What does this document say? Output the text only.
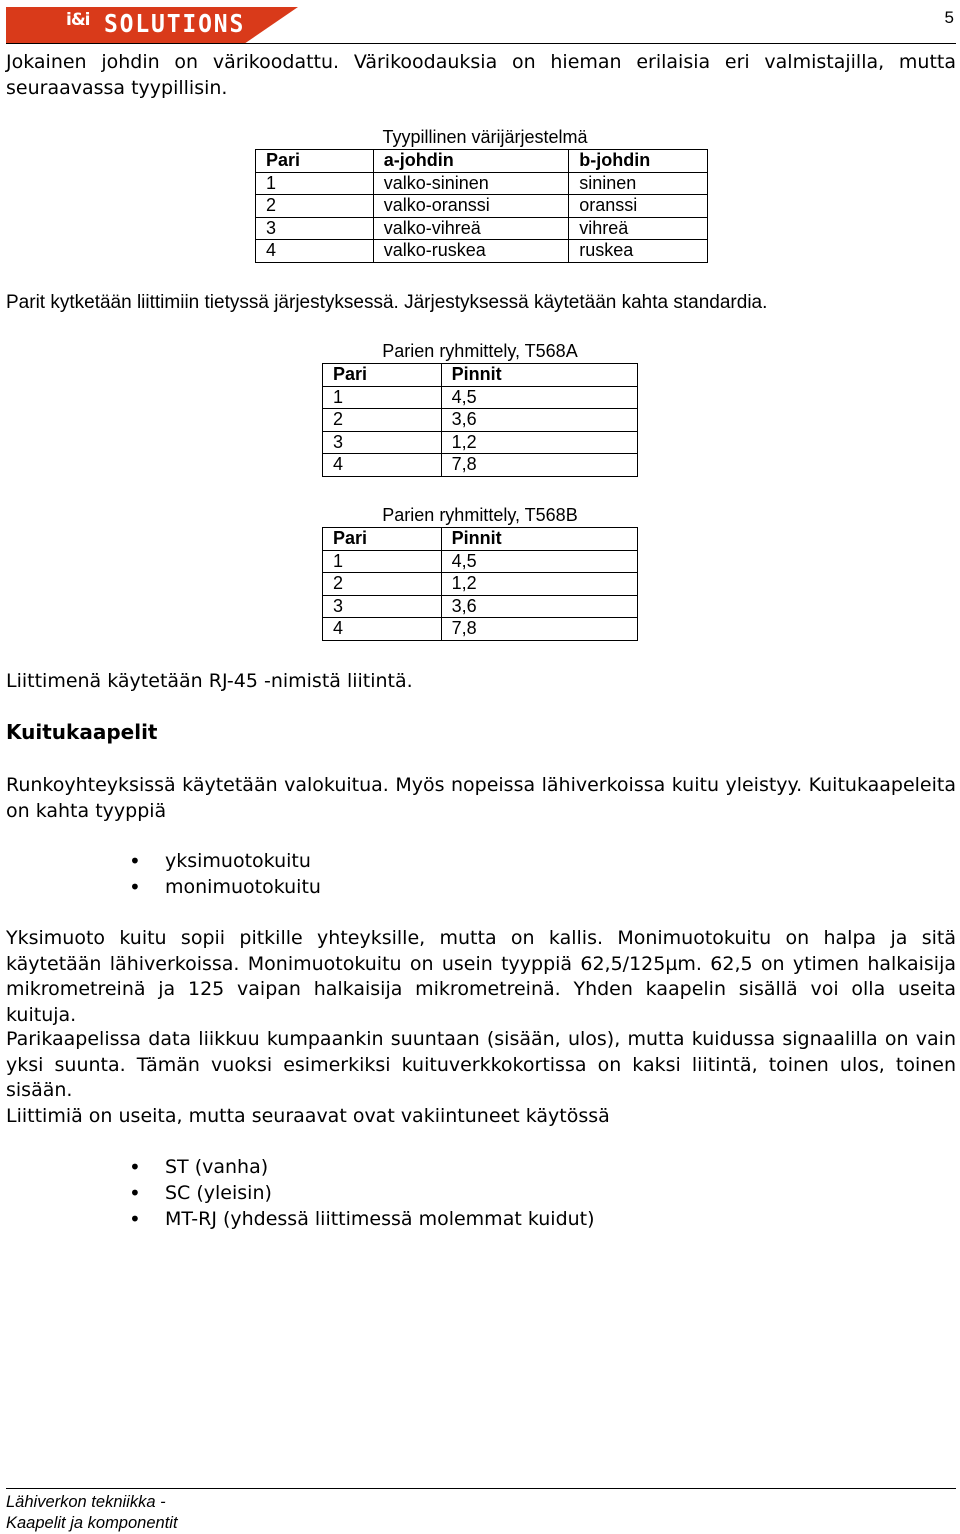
i&i SOLUTIONS	5
Jokainen johdin on värikoodattu. Värikoodauksia on hieman erilaisia eri valmistajilla, mutta seuraavassa tyypillisin.
Tyypillinen värijärjestelmä
Pari	a-johdin	b-johdin
1	valko-sininen	sininen
2	valko-oranssi	oranssi
3	valko-vihreä	vihreä
4	valko-ruskea	ruskea
Parit kytketään liittimiin tietyssä järjestyksessä. Järjestyksessä käytetään kahta standardia.
Parien ryhmittely, T568A
Pari	Pinnit
1	4,5
2	3,6
3	1,2
4	7,8
Parien ryhmittely, T568B
Pari	Pinnit
1	4,5
2	1,2
3	3,6
4	7,8
Liittimenä käytetään RJ-45 -nimistä liitintä.
Kuitukaapelit
Runkoyhteyksissä käytetään valokuitua. Myös nopeissa lähiverkoissa kuitu yleistyy. Kuitukaapeleita on kahta tyyppiä
• yksimuotokuitu
• monimuotokuitu
Yksimuoto kuitu sopii pitkille yhteyksille, mutta on kallis. Monimuotokuitu on halpa ja sitä käytetään lähiverkoissa. Monimuotokuitu on usein tyyppiä 62,5/125µm. 62,5 on ytimen halkaisija mikrometreinä ja 125 vaipan halkaisija mikrometreinä. Yhden kaapelin sisällä voi olla useita kuituja.
Parikaapelissa data liikkuu kumpaankin suuntaan (sisään, ulos), mutta kuidussa signaalilla on vain yksi suunta. Tämän vuoksi esimerkiksi kuituverkkokortissa on kaksi liitintä, toinen ulos, toinen sisään.
Liittimiä on useita, mutta seuraavat ovat vakiintuneet käytössä
• ST (vanha)
• SC (yleisin)
• MT-RJ (yhdessä liittimessä molemmat kuidut)
Lähiverkon tekniikka -
Kaapelit ja komponentit
